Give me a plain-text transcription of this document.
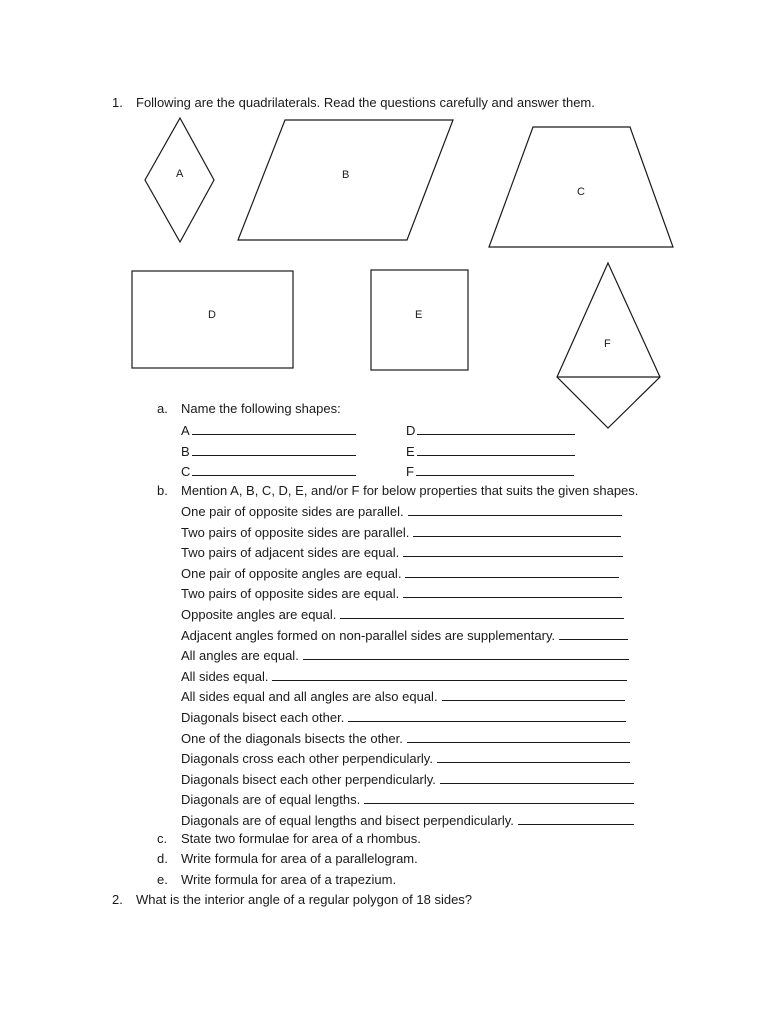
1. Following are the quadrilaterals. Read the questions carefully and answer them.
A	B
C
D	E
F
a. Name the following shapes:
A
B
C
D
E
F
b. Mention A, B, C, D, E, and/or F for below properties that suits the given shapes.
One pair of opposite sides are parallel.
Two pairs of opposite sides are parallel.
Two pairs of adjacent sides are equal.
One pair of opposite angles are equal.
Two pairs of opposite sides are equal.
Opposite angles are equal.
Adjacent angles formed on non-parallel sides are supplementary.
All angles are equal.
All sides equal.
All sides equal and all angles are also equal.
Diagonals bisect each other.
One of the diagonals bisects the other.
Diagonals cross each other perpendicularly.
Diagonals bisect each other perpendicularly.
Diagonals are of equal lengths.
Diagonals are of equal lengths and bisect perpendicularly.
c. State two formulae for area of a rhombus.
d. Write formula for area of a parallelogram.
e. Write formula for area of a trapezium.
2. What is the interior angle of a regular polygon of 18 sides?
